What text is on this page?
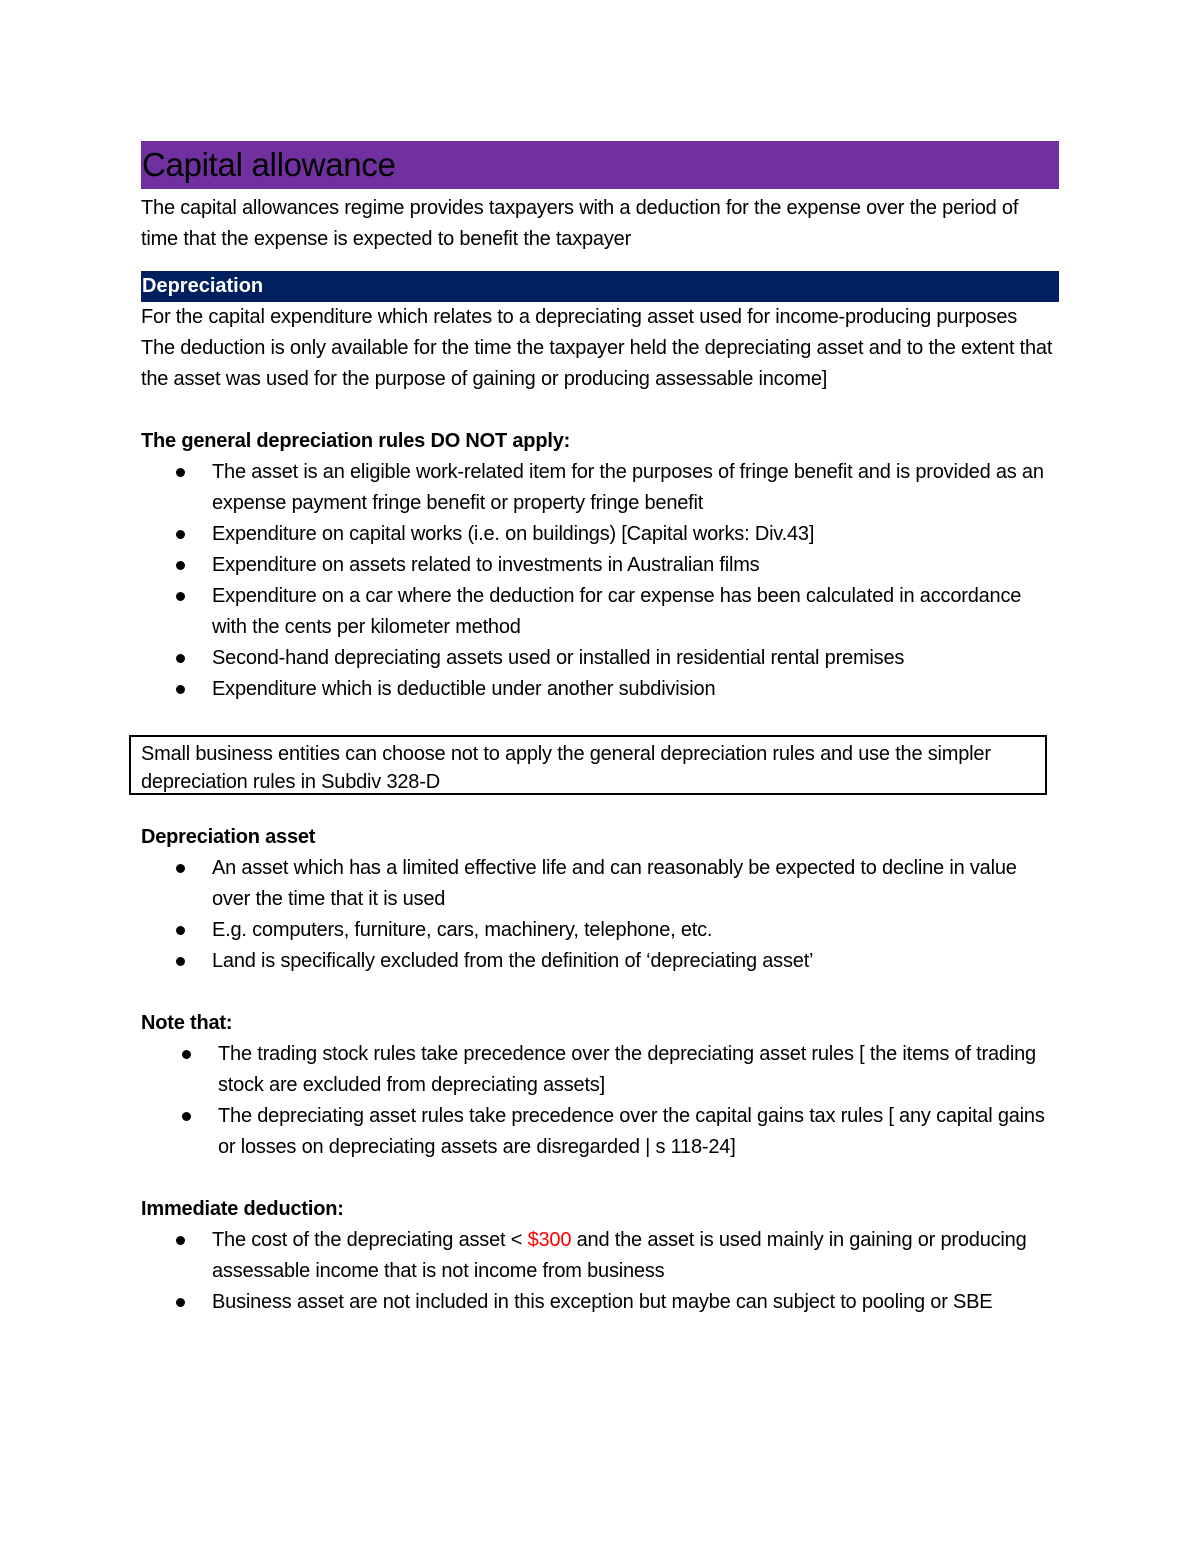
Capital allowance
The capital allowances regime provides taxpayers with a deduction for the expense over the period of time that the expense is expected to benefit the taxpayer
Depreciation
For the capital expenditure which relates to a depreciating asset used for income-producing purposes
The deduction is only available for the time the taxpayer held the depreciating asset and to the extent that the asset was used for the purpose of gaining or producing assessable income]
The general depreciation rules DO NOT apply:
The asset is an eligible work-related item for the purposes of fringe benefit and is provided as an expense payment fringe benefit or property fringe benefit
Expenditure on capital works (i.e. on buildings) [Capital works: Div.43]
Expenditure on assets related to investments in Australian films
Expenditure on a car where the deduction for car expense has been calculated in accordance with the cents per kilometer method
Second-hand depreciating assets used or installed in residential rental premises
Expenditure which is deductible under another subdivision
Small business entities can choose not to apply the general depreciation rules and use the simpler depreciation rules in Subdiv 328-D
Depreciation asset
An asset which has a limited effective life and can reasonably be expected to decline in value over the time that it is used
E.g. computers, furniture, cars, machinery, telephone, etc.
Land is specifically excluded from the definition of ‘depreciating asset’
Note that:
The trading stock rules take precedence over the depreciating asset rules [ the items of trading stock are excluded from depreciating assets]
The depreciating asset rules take precedence over the capital gains tax rules [ any capital gains or losses on depreciating assets are disregarded | s 118-24]
Immediate deduction:
The cost of the depreciating asset < $300 and the asset is used mainly in gaining or producing assessable income that is not income from business
Business asset are not included in this exception but maybe can subject to pooling or SBE
